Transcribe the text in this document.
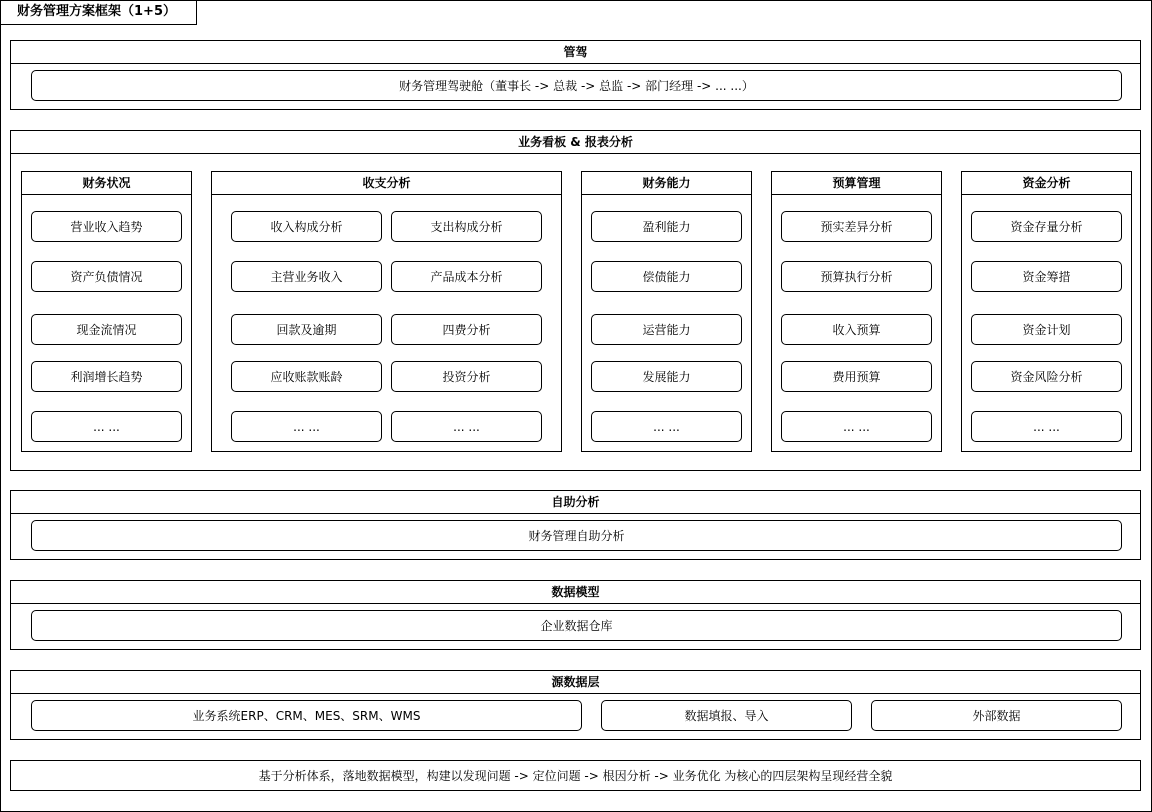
财务管理方案框架（1+5）
管驾
财务管理驾驶舱（董事长 -> 总裁 -> 总监 -> 部门经理 -> ... ...）
业务看板 & 报表分析
财务状况
营业收入趋势
资产负债情况
现金流情况
利润增长趋势
... ...
收支分析
收入构成分析
主营业务收入
回款及逾期
应收账款账龄
... ...
支出构成分析
产品成本分析
四费分析
投资分析
... ...
财务能力
盈利能力
偿债能力
运营能力
发展能力
... ...
预算管理
预实差异分析
预算执行分析
收入预算
费用预算
... ...
资金分析
资金存量分析
资金筹措
资金计划
资金风险分析
... ...
自助分析
财务管理自助分析
数据模型
企业数据仓库
源数据层
业务系统ERP、CRM、MES、SRM、WMS	数据填报、导入	外部数据
基于分析体系，落地数据模型，构建以发现问题 -> 定位问题 -> 根因分析 -> 业务优化 为核心的四层架构呈现经营全貌
